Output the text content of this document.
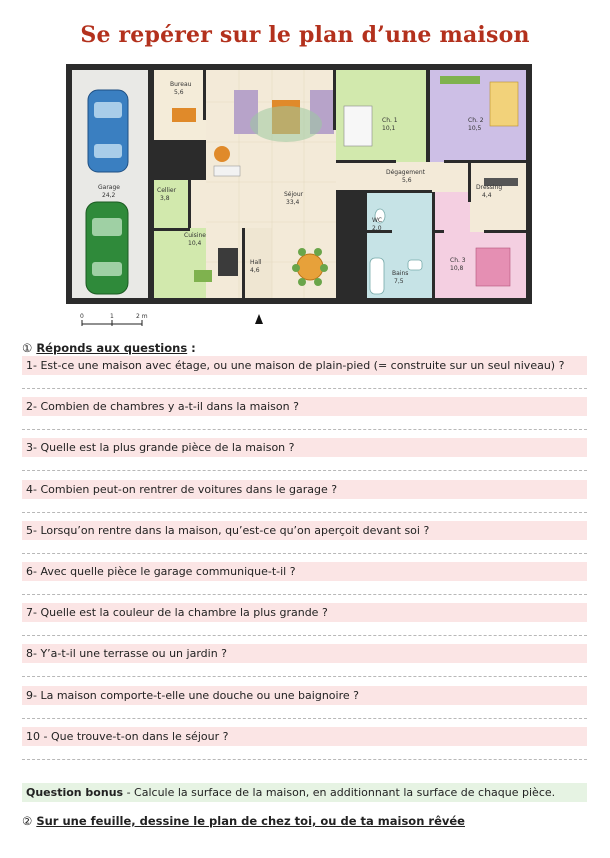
Se repérer sur le plan d’une maison
Bureau
5,6
Garage
24,2
Cellier
3,8
Cuisine
10,4
Hall
4,6
Séjour
33,4
Ch. 1
10,1
Ch. 2
10,5
Dégagement
5,6
WC
2,0
Dressing
4,4
Bains
7,5
Ch. 3
10,8
0	1	2 m
① Réponds aux questions :
1- Est-ce une maison avec étage, ou une maison de plain-pied (= construite sur un seul niveau) ?
2- Combien de chambres y a-t-il dans la maison ?
3- Quelle est la plus grande pièce de la maison ?
4- Combien peut-on rentrer de voitures dans le garage ?
5- Lorsqu’on rentre dans la maison, qu’est-ce qu’on aperçoit devant soi ?
6- Avec quelle pièce le garage communique-t-il ?
7- Quelle est la couleur de la chambre la plus grande ?
8- Y’a-t-il une terrasse ou un jardin ?
9- La maison comporte-t-elle une douche ou une baignoire ?
10 - Que trouve-t-on dans le séjour ?
Question bonus - Calcule la surface de la maison, en additionnant la surface de chaque pièce.
② Sur une feuille, dessine le plan de chez toi, ou de ta maison rêvée
